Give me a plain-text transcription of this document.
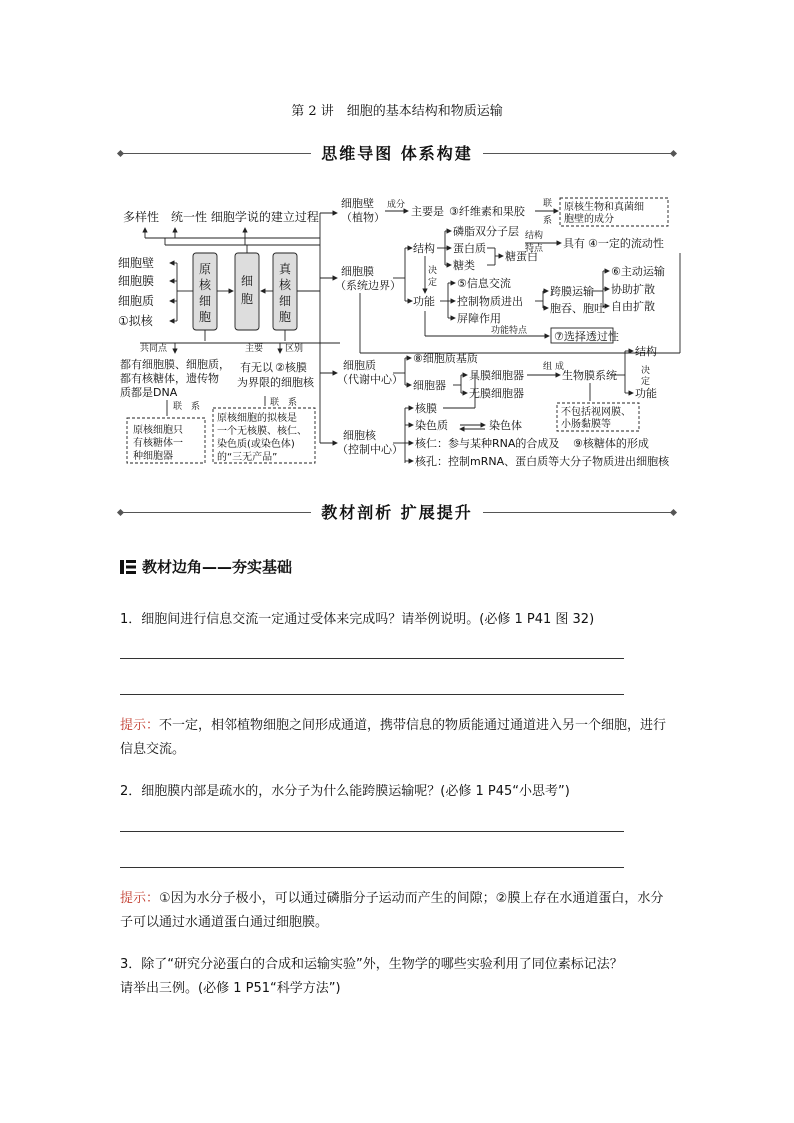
第 2 讲　细胞的基本结构和物质运输
思维导图 体系构建
多样性　统一性 细胞学说的建立过程
细胞壁
细胞膜
细胞质
①拟核
原
核
细
胞
细
胞
真
核
细
胞
共同点	主要 区别
联　系	联　系
成分	联
系
结构
特点
功能特点
组 成
决
定
都有细胞膜、细胞质，
都有核糖体，遗传物
质都是DNA
有无以 ②核膜
为界限的细胞核
原核细胞只
有核糖体一
种细胞器
原核细胞的拟核是
一个无核膜、核仁、
染色质(或染色体)
的“三无产品”
细胞壁
（植物） 主要是 ③纤维素和果胶	原核生物和真菌细
胞壁的成分
细胞膜
（系统边界）
结构
功能
磷脂双分子层
蛋白质
糖类
糖蛋白
具有 ④一定的流动性
⑤信息交流
控制物质进出
屏障作用
跨膜运输
胞吞、胞吐
⑥主动运输
协助扩散
自由扩散
⑦选择透过性
细胞质
（代谢中心）
⑧细胞质基质
细胞器
具膜细胞器
无膜细胞器
生物膜系统
结构
决
定
功能
不包括视网膜、
小肠黏膜等
细胞核
（控制中心）
核膜
染色质	染色体
核仁：参与某种RNA的合成及 ⑨核糖体的形成
核孔：控制mRNA、蛋白质等大分子物质进出细胞核
教材剖析 扩展提升
教材边角——夯实基础
1．细胞间进行信息交流一定通过受体来完成吗？请举例说明。(必修 1 P41 图 32)
提示：不一定，相邻植物细胞之间形成通道，携带信息的物质能通过通道进入另一个细胞，进行信息交流。
2．细胞膜内部是疏水的，水分子为什么能跨膜运输呢？(必修 1 P45“小思考”)
提示：①因为水分子极小，可以通过磷脂分子运动而产生的间隙；②膜上存在水通道蛋白，水分子可以通过水通道蛋白通过细胞膜。
3．除了“研究分泌蛋白的合成和运输实验”外，生物学的哪些实验利用了同位素标记法？
请举出三例。(必修 1 P51“科学方法”)
